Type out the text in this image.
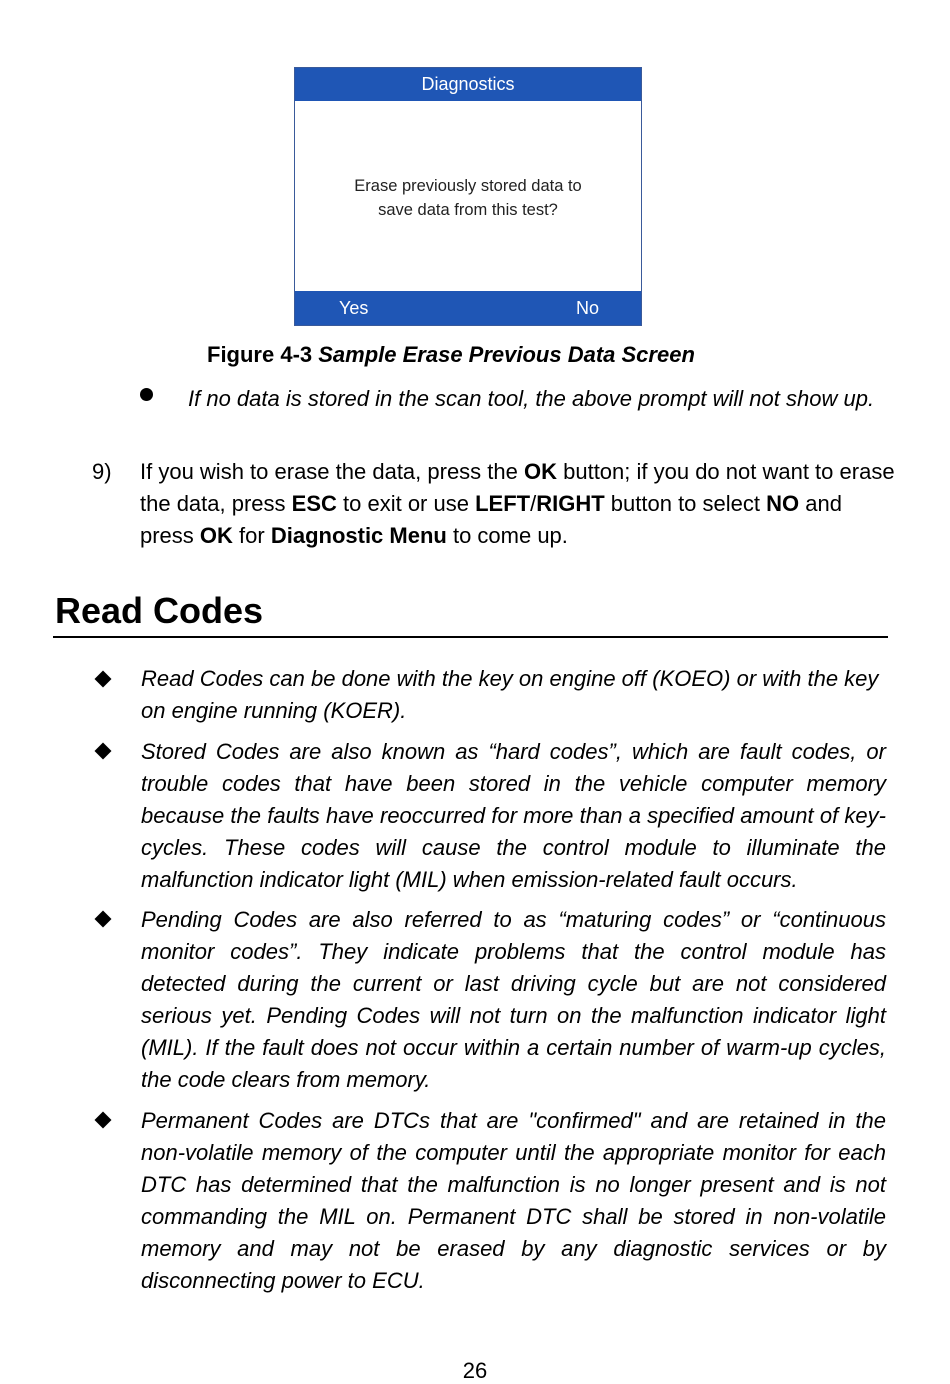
Diagnostics
Erase previously stored data to
save data from this test?
Yes	No
Figure 4-3 Sample Erase Previous Data Screen
If no data is stored in the scan tool, the above prompt will not show up.
9) If you wish to erase the data, press the OK button; if you do not want to erase the data, press ESC to exit or use LEFT/RIGHT button to select NO and press OK for Diagnostic Menu to come up.
Read Codes
Read Codes can be done with the key on engine off (KOEO) or with the key on engine running (KOER).
Stored Codes are also known as “hard codes”, which are fault codes, or trouble codes that have been stored in the vehicle computer memory because the faults have reoccurred for more than a specified amount of key-cycles. These codes will cause the control module to illuminate the malfunction indicator light (MIL) when emission-related fault occurs.
Pending Codes are also referred to as “maturing codes” or “continuous monitor codes”. They indicate problems that the control module has detected during the current or last driving cycle but are not considered serious yet. Pending Codes will not turn on the malfunction indicator light (MIL). If the fault does not occur within a certain number of warm-up cycles, the code clears from memory.
Permanent Codes are DTCs that are "confirmed" and are retained in the non-volatile memory of the computer until the appropriate monitor for each DTC has determined that the malfunction is no longer present and is not commanding the MIL on. Permanent DTC shall be stored in non-volatile memory and may not be erased by any diagnostic services or by disconnecting power to ECU.
26
